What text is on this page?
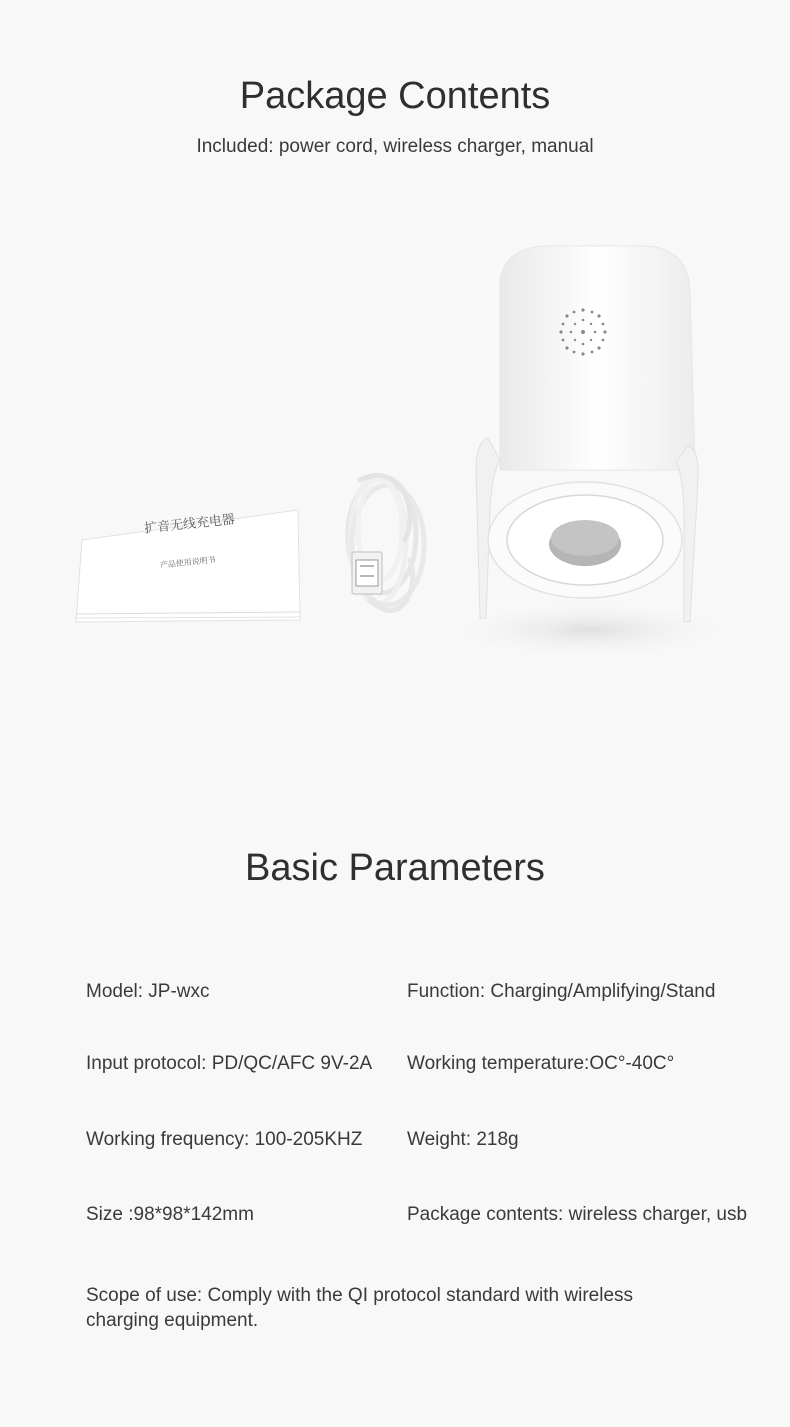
Package Contents

Included: power cord, wireless charger, manual

扩音无线充电器
产品使用说明书
Basic Parameters
Model: JP-wxc	Function: Charging/Amplifying/Stand
Input protocol: PD/QC/AFC 9V-2A Working temperature:OC°-40C°
Working frequency: 100-205KHZ Weight: 218g
Size :98*98*142mm	Package contents: wireless charger, usb
Scope of use: Comply with the QI protocol standard with wireless charging equipment.
